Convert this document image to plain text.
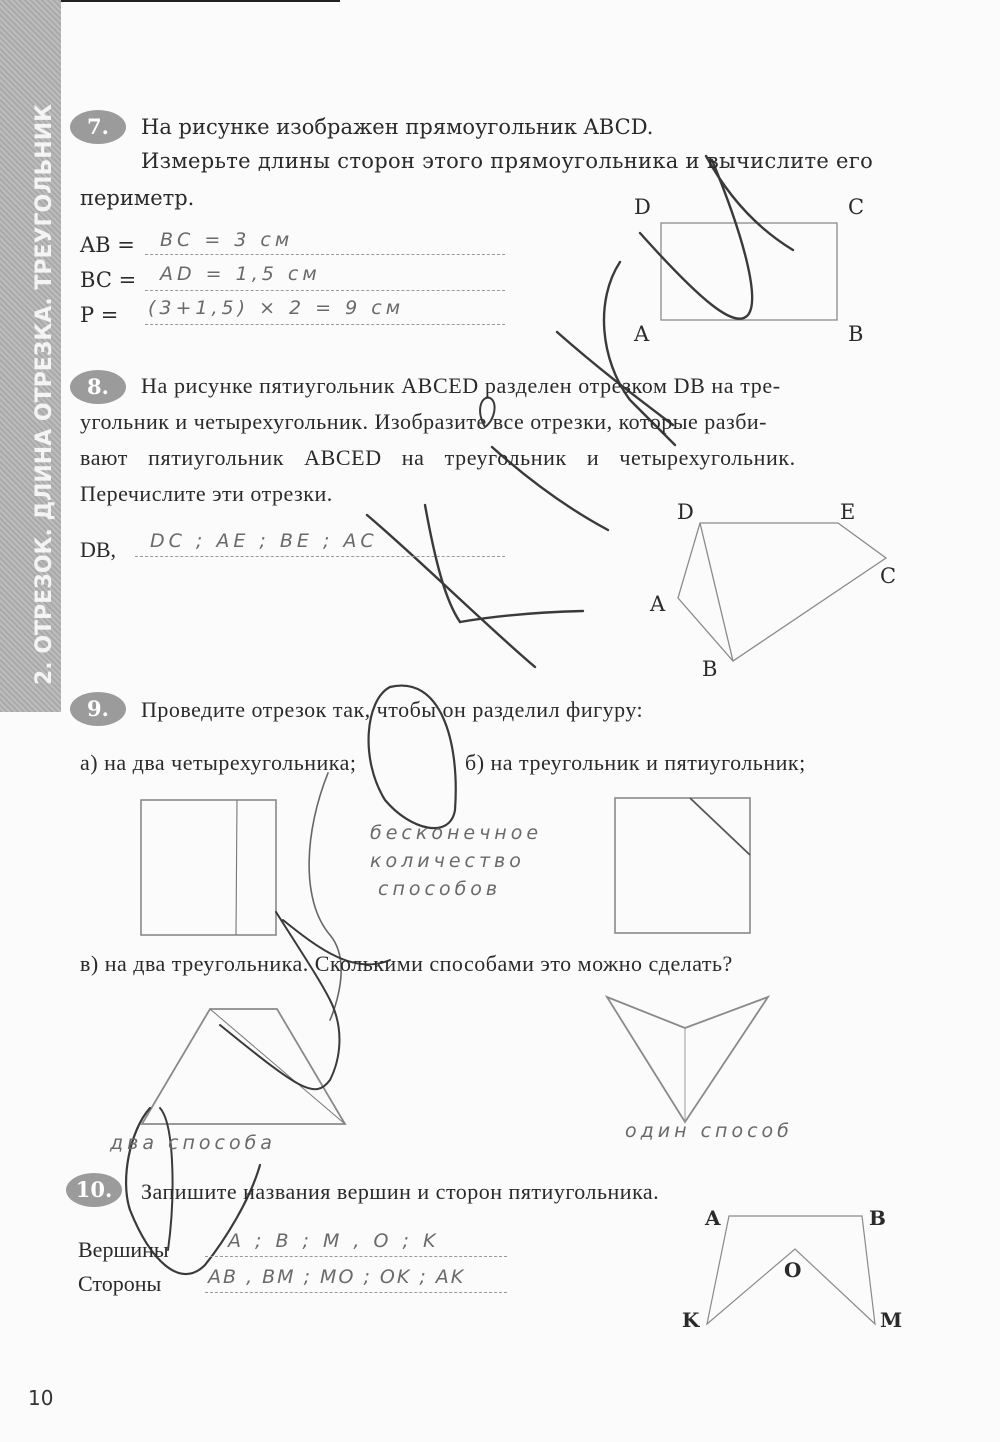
2. ОТРЕЗОК. ДЛИНА ОТРЕЗКА. ТРЕУГОЛЬНИК	7.	На рисунке изображен прямоугольник ABCD.
Измерьте длины сторон этого прямоугольника и вычислите его
периметр.
AB = BC = 3 см
BC = AD = 1,5 см
P = (3+1,5) × 2 = 9 см
D	C
A	B
8.	На рисунке пятиугольник ABCED разделен отрезком DB на тре-
угольник и четырехугольник. Изобразите все отрезки, которые разби-
вают пятиугольник ABCED на треугольник и четырехугольник.
Перечислите эти отрезки.
DB, DC ; AE ; BE ; AC
D	E
C
A
B
9.	Проведите отрезок так, чтобы он разделил фигуру:
а) на два четырехугольника;	б) на треугольник и пятиугольник;
бесконечное
количество
способов
в) на два треугольника. Сколькими способами это можно сделать?
два способа
один способ
10.	Запишите названия вершин и сторон пятиугольника.
Вершины	A ; B ; M , O ; K
Стороны AB , BM ; MO ; OK ; AK
A	B
O
K	M
10
